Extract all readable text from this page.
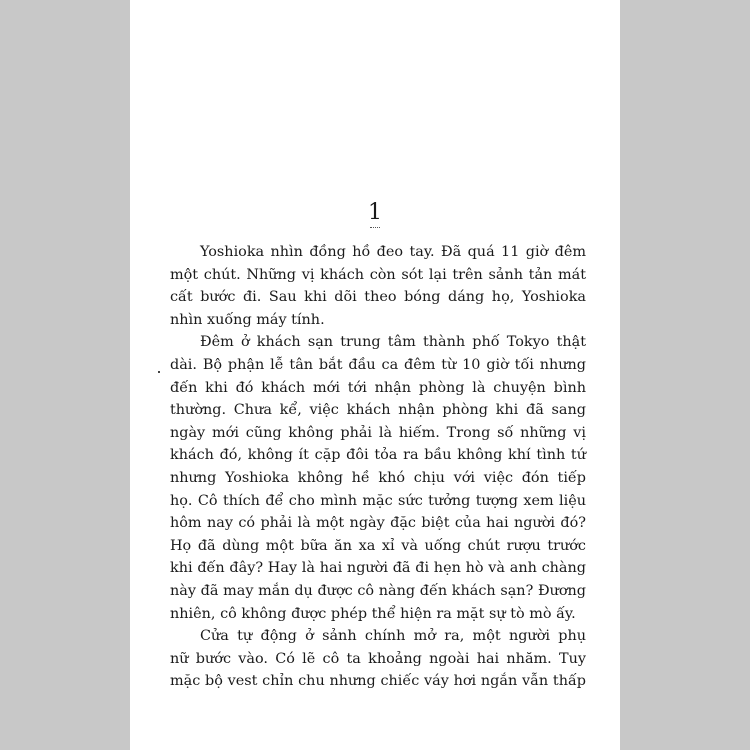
1
Yoshioka nhìn đồng hồ đeo tay. Đã quá 11 giờ đêm
một chút. Những vị khách còn sót lại trên sảnh tản mát
cất bước đi. Sau khi dõi theo bóng dáng họ, Yoshioka
nhìn xuống máy tính.
Đêm ở khách sạn trung tâm thành phố Tokyo thật
dài. Bộ phận lễ tân bắt đầu ca đêm từ 10 giờ tối nhưng
đến khi đó khách mới tới nhận phòng là chuyện bình
thường. Chưa kể, việc khách nhận phòng khi đã sang
ngày mới cũng không phải là hiếm. Trong số những vị
khách đó, không ít cặp đôi tỏa ra bầu không khí tình tứ
nhưng Yoshioka không hề khó chịu với việc đón tiếp
họ. Cô thích để cho mình mặc sức tưởng tượng xem liệu
hôm nay có phải là một ngày đặc biệt của hai người đó?
Họ đã dùng một bữa ăn xa xỉ và uống chút rượu trước
khi đến đây? Hay là hai người đã đi hẹn hò và anh chàng
này đã may mắn dụ được cô nàng đến khách sạn? Đương
nhiên, cô không được phép thể hiện ra mặt sự tò mò ấy.
Cửa tự động ở sảnh chính mở ra, một người phụ
nữ bước vào. Có lẽ cô ta khoảng ngoài hai nhăm. Tuy
mặc bộ vest chỉn chu nhưng chiếc váy hơi ngắn vẫn thấp
